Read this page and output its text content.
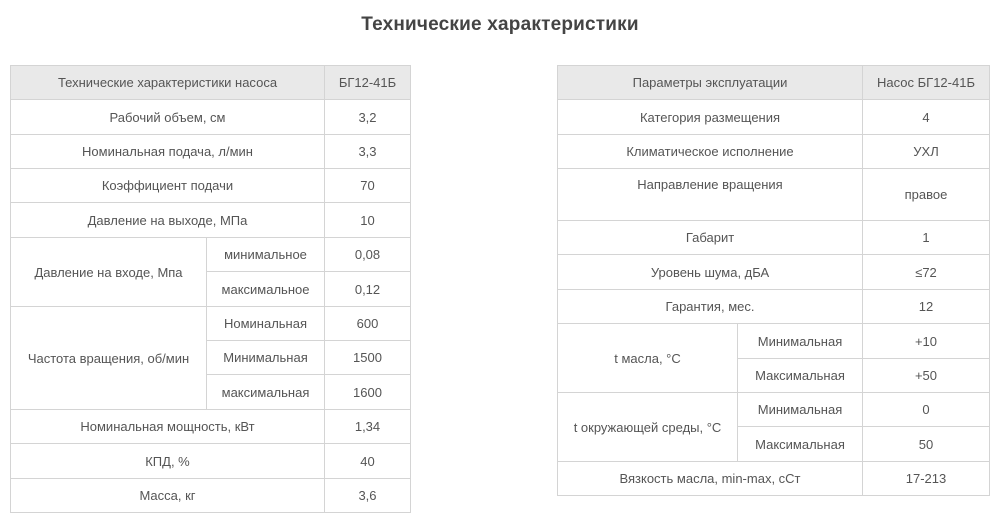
Технические характеристики
Технические характеристики насоса		БГ12-41Б
Рабочий объем, см		3,2
Номинальная подача, л/мин		3,3
Коэффициент подачи		70
Давление на выходе, МПа		10
Давление на входе, Мпа	минимальное	0,08
	максимальное	0,12
Частота вращения, об/мин	Номинальная	600
	Минимальная	1500
	максимальная	1600
Номинальная мощность, кВт		1,34
КПД, %		40
Масса, кг		3,6
Параметры эксплуатации		Насос БГ12-41Б
Категория размещения		4
Климатическое исполнение		УХЛ
Направление вращения		правое
Габарит		1
Уровень шума, дБА		≤72
Гарантия, мес.		12
t масла, °С	Минимальная	+10
	Максимальная	+50
t окружающей среды, °С	Минимальная	0
	Максимальная	50
Вязкость масла, min-max, сСт		17-213
